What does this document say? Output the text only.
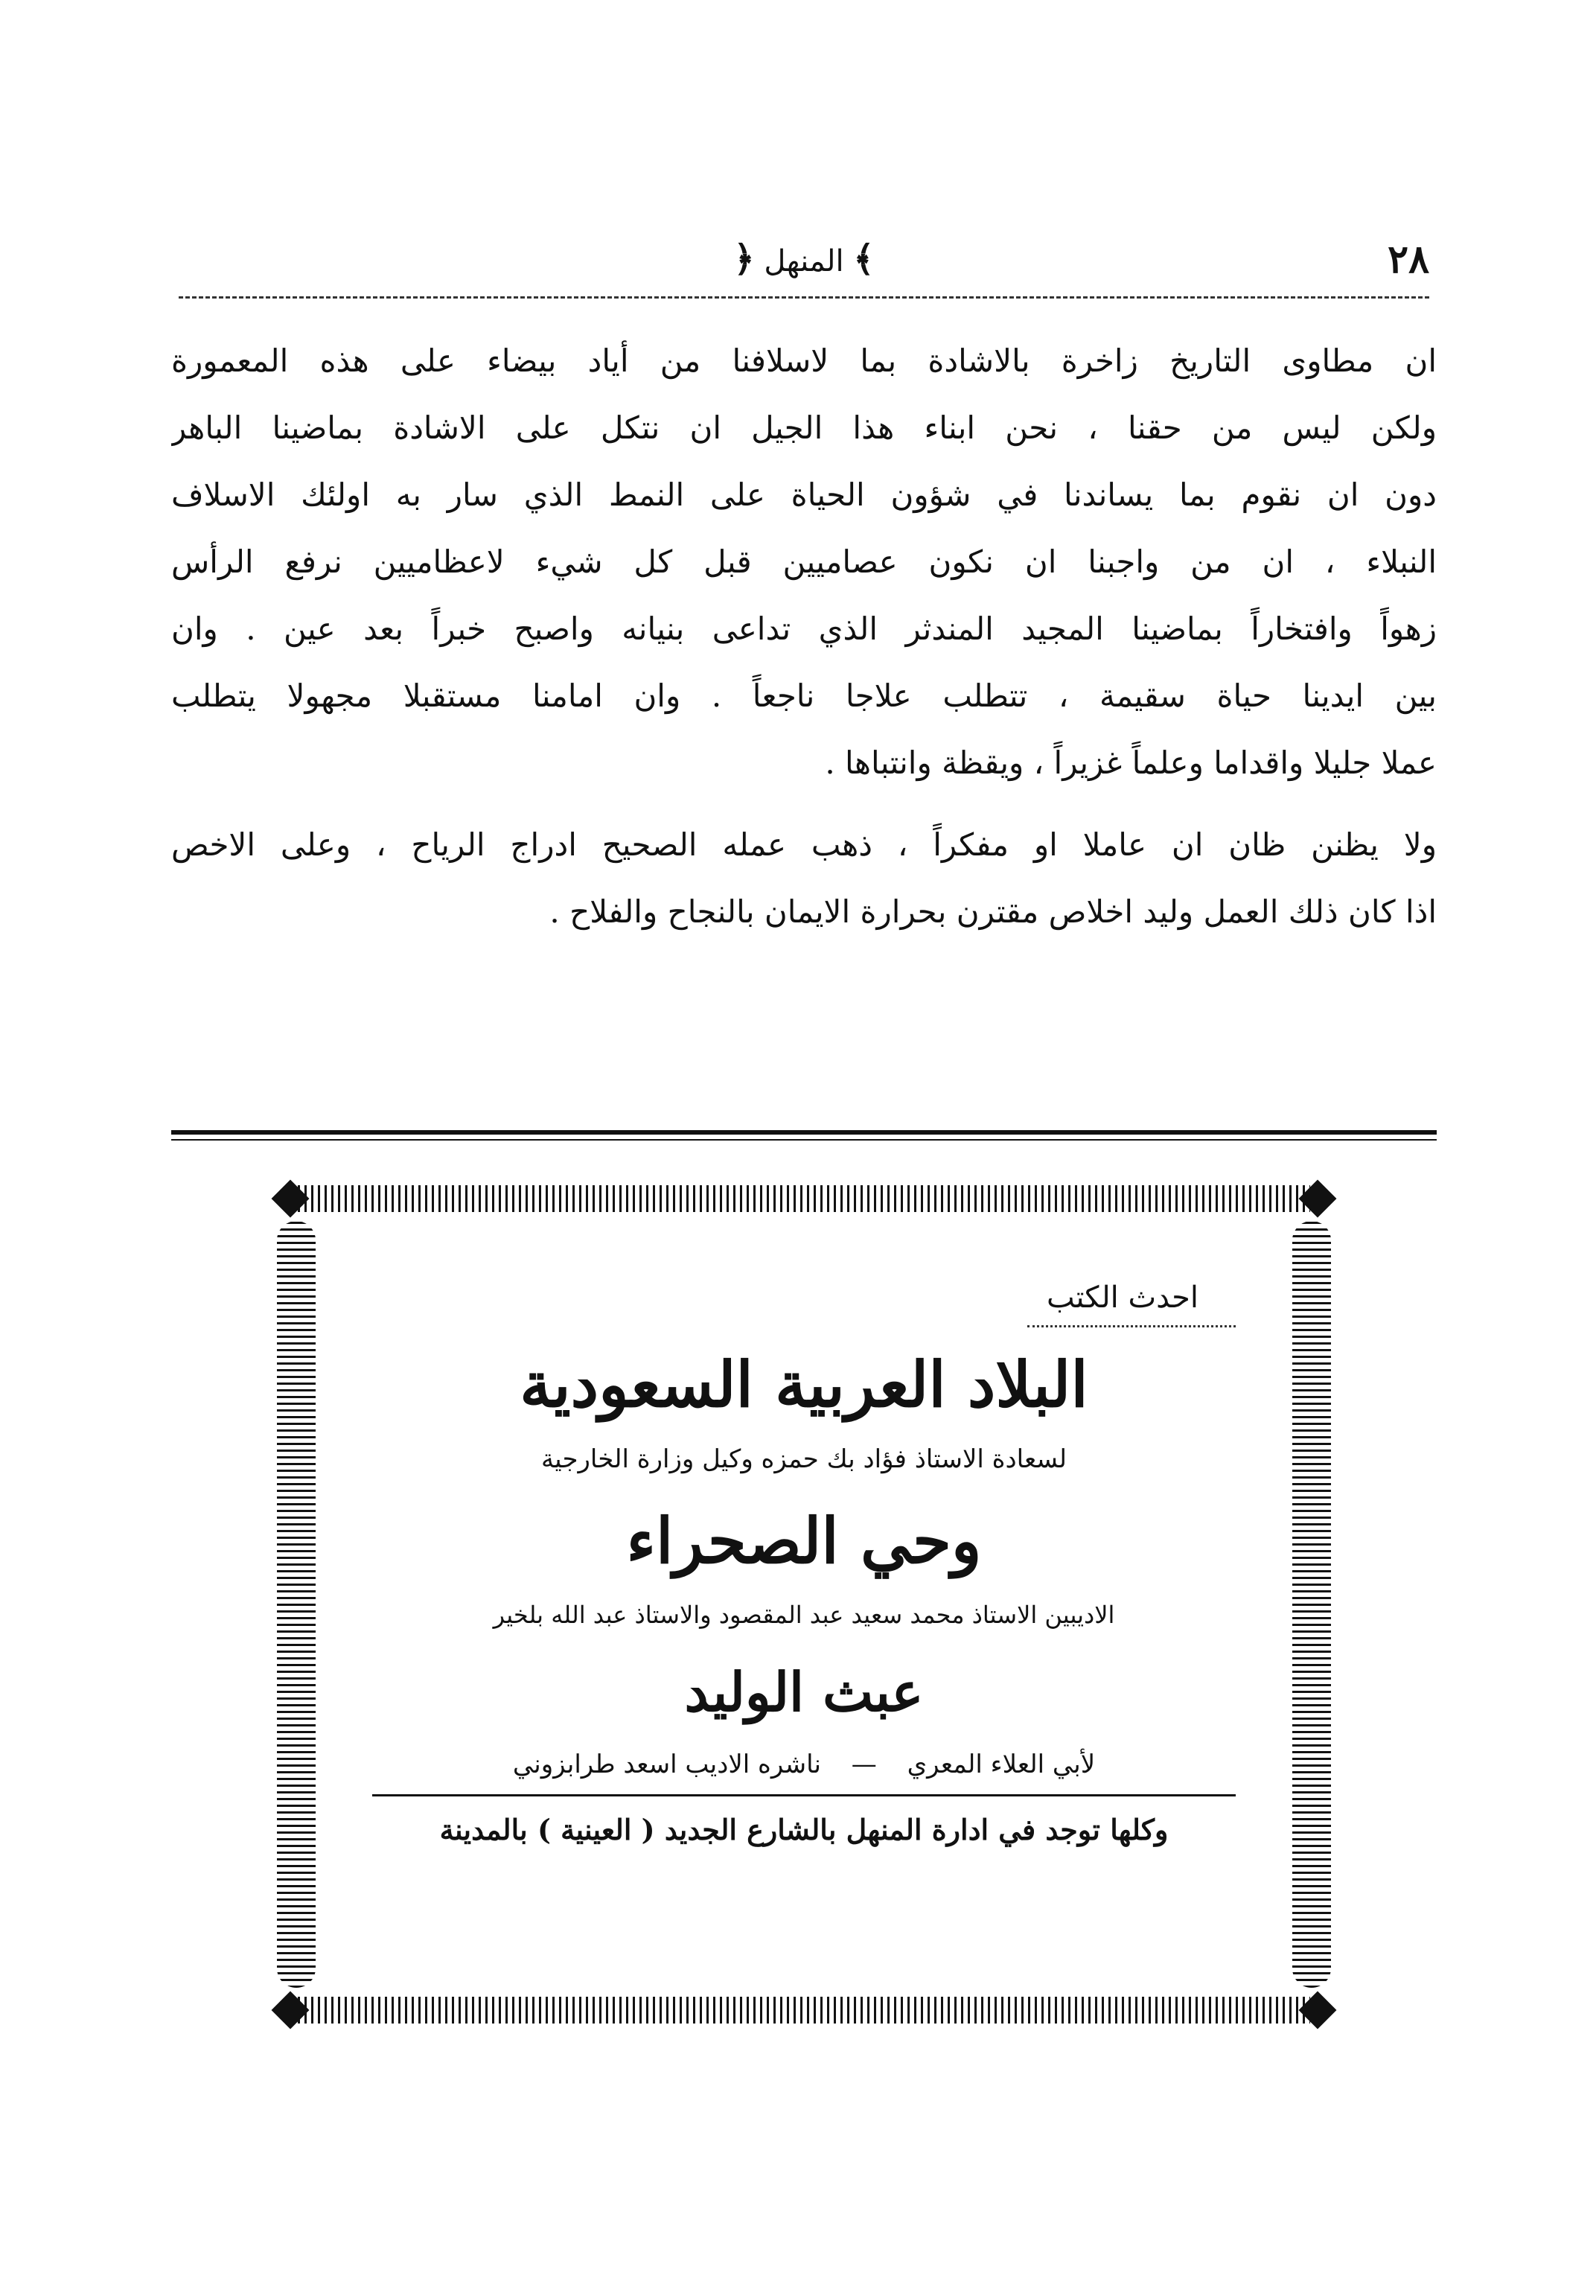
٢٨
﴾ المنهل ﴿
ان مطاوى التاريخ زاخرة بالاشادة بما لاسلافنا من أياد بيضاء على هذه المعمورة
ولكن ليس من حقنا ، نحن ابناء هذا الجيل ان نتكل على الاشادة بماضينا الباهر
دون ان نقوم بما يساندنا في شؤون الحياة على النمط الذي سار به اولئك الاسلاف
النبلاء ، ان من واجبنا ان نكون عصاميين قبل كل شيء لاعظاميين نرفع الرأس
زهواً وافتخاراً بماضينا المجيد المندثر الذي تداعى بنيانه واصبح خبراً بعد عين . وان
بين ايدينا حياة سقيمة ، تتطلب علاجا ناجعاً . وان امامنا مستقبلا مجهولا يتطلب
عملا جليلا واقداما وعلماً غزيراً ، ويقظة وانتباها .
ولا يظنن ظان ان عاملا او مفكراً ، ذهب عمله الصحيح ادراج الرياح ، وعلى الاخص
اذا كان ذلك العمل وليد اخلاص مقترن بحرارة الايمان بالنجاح والفلاح .
احدث الكتب
البلاد العربية السعودية
لسعادة الاستاذ فؤاد بك حمزه وكيل وزارة الخارجية
وحي الصحراء
الاديبين الاستاذ محمد سعيد عبد المقصود والاستاذ عبد الله بلخير
عبث الوليد
لأبي العلاء المعري — ناشره الاديب اسعد طرابزوني
وكلها توجد في ادارة المنهل بالشارع الجديد ( العينية ) بالمدينة
